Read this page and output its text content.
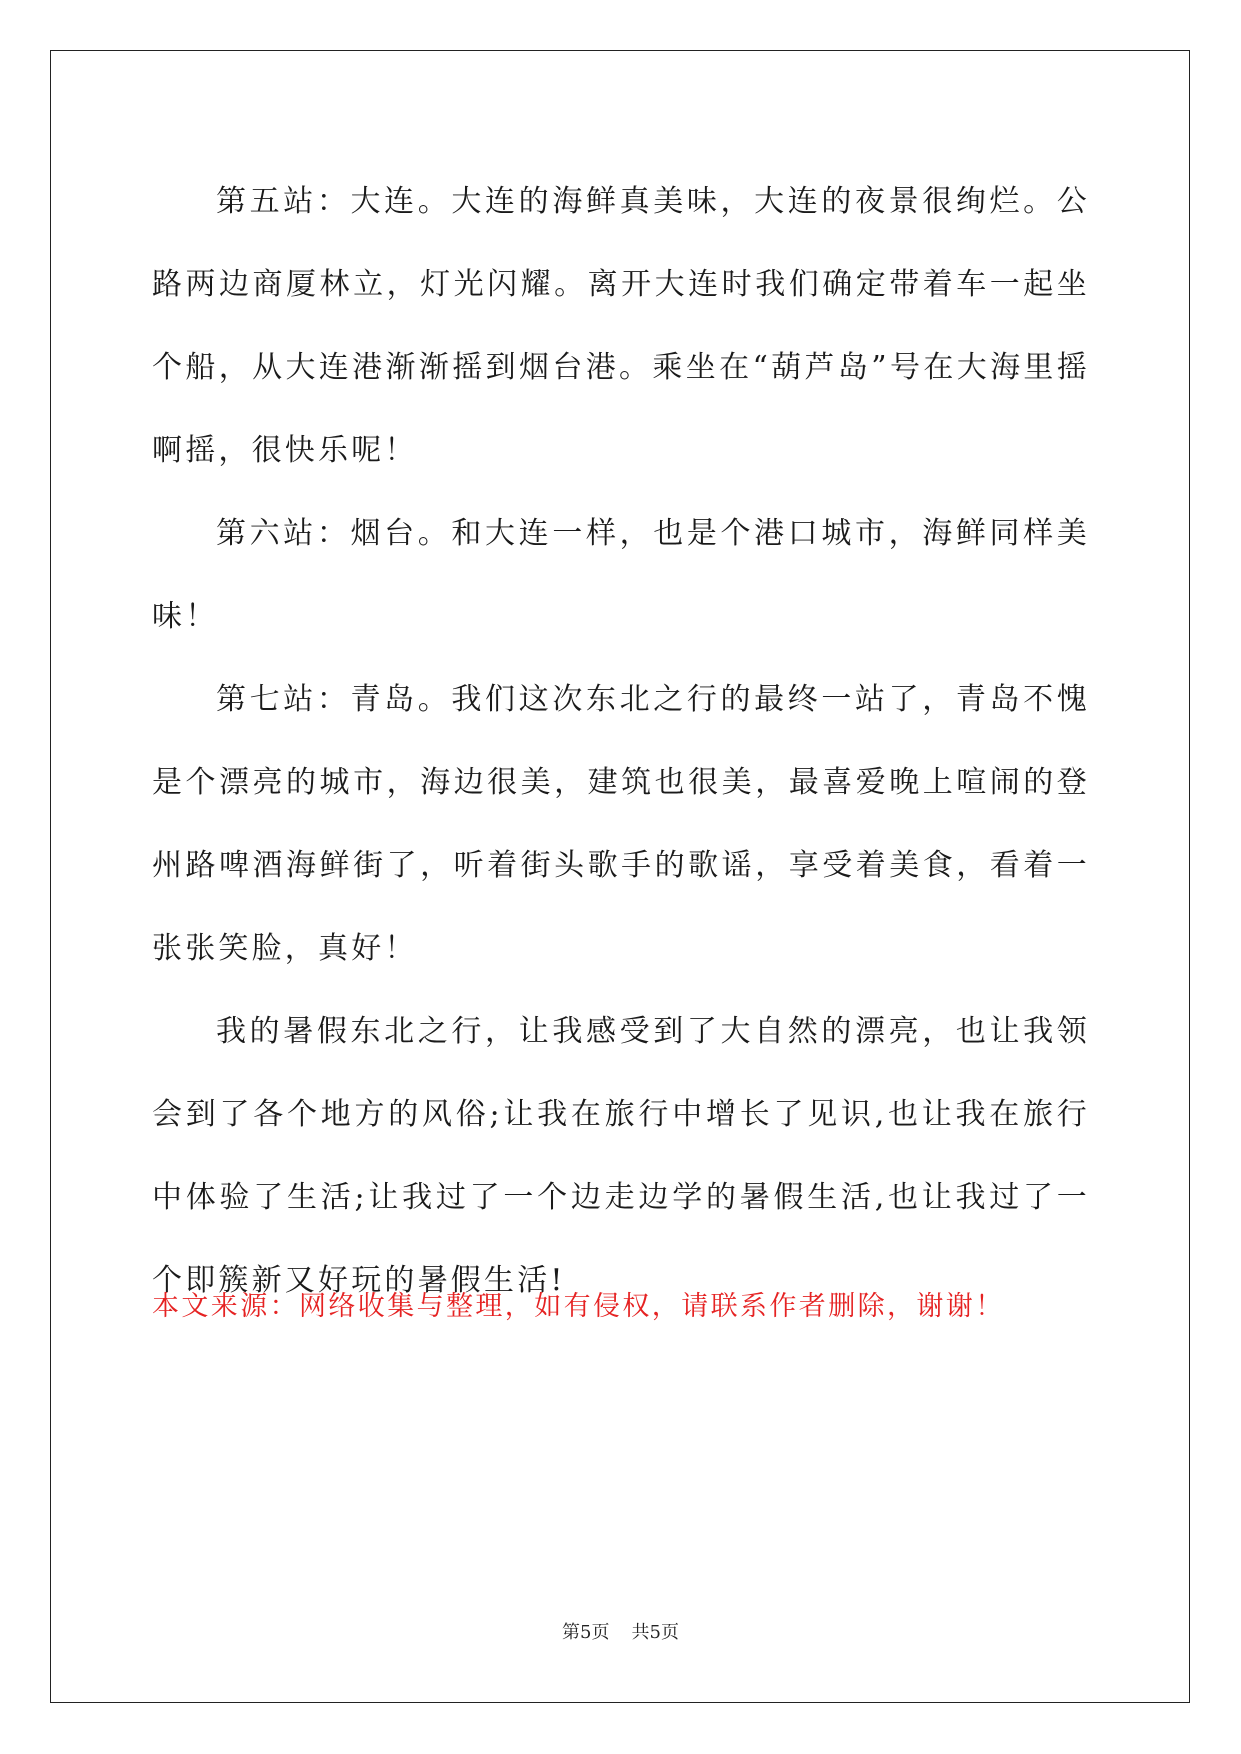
第五站：大连。大连的海鲜真美味，大连的夜景很绚烂。公路两边商厦林立，灯光闪耀。离开大连时我们确定带着车一起坐个船，从大连港渐渐摇到烟台港。乘坐在“葫芦岛”号在大海里摇啊摇，很快乐呢！

第六站：烟台。和大连一样，也是个港口城市，海鲜同样美味！

第七站：青岛。我们这次东北之行的最终一站了，青岛不愧是个漂亮的城市，海边很美，建筑也很美，最喜爱晚上喧闹的登州路啤酒海鲜街了，听着街头歌手的歌谣，享受着美食，看着一张张笑脸，真好！

我的暑假东北之行，让我感受到了大自然的漂亮，也让我领会到了各个地方的风俗;让我在旅行中增长了见识,也让我在旅行中体验了生活;让我过了一个边走边学的暑假生活,也让我过了一个即簇新又好玩的暑假生活!

本文来源：网络收集与整理，如有侵权，请联系作者删除，谢谢！

第5页 共5页
